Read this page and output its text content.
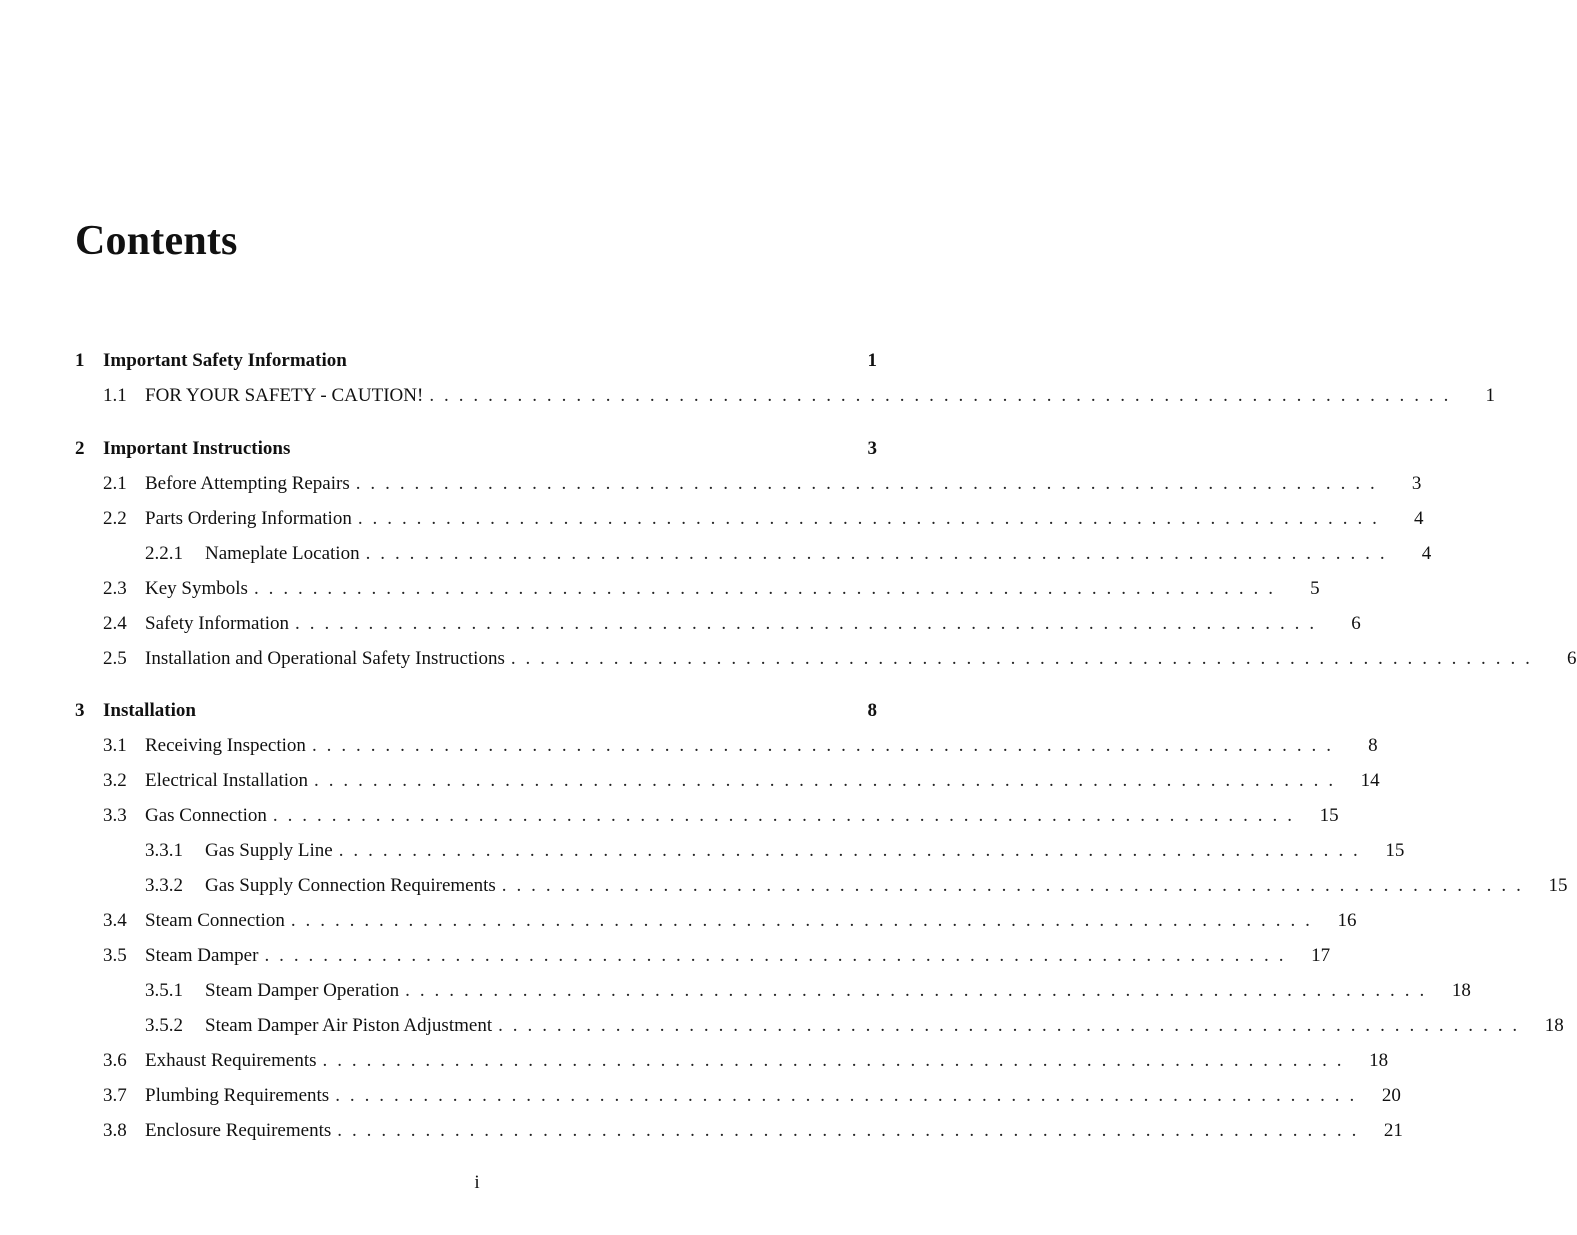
Contents
1 Important Safety Information	1
1.1 FOR YOUR SAFETY - CAUTION! . . .	1
2 Important Instructions	3
2.1 Before Attempting Repairs . . .	3
2.2 Parts Ordering Information . . .	4
2.2.1	Nameplate Location . . .	4
2.3 Key Symbols . . .	5
2.4 Safety Information . . .	6
2.5 Installation and Operational Safety Instructions . . .	6
3 Installation	8
3.1 Receiving Inspection . . .	8
3.2 Electrical Installation . . .	14
3.3 Gas Connection . . .	15
3.3.1	Gas Supply Line . . .	15
3.3.2	Gas Supply Connection Requirements . . .	15
3.4 Steam Connection . . .	16
3.5 Steam Damper . . .	17
3.5.1	Steam Damper Operation . . .	18
3.5.2	Steam Damper Air Piston Adjustment . . .	18
3.6 Exhaust Requirements . . .	18
3.7 Plumbing Requirements . . .	20
3.8 Enclosure Requirements . . .	21
i
